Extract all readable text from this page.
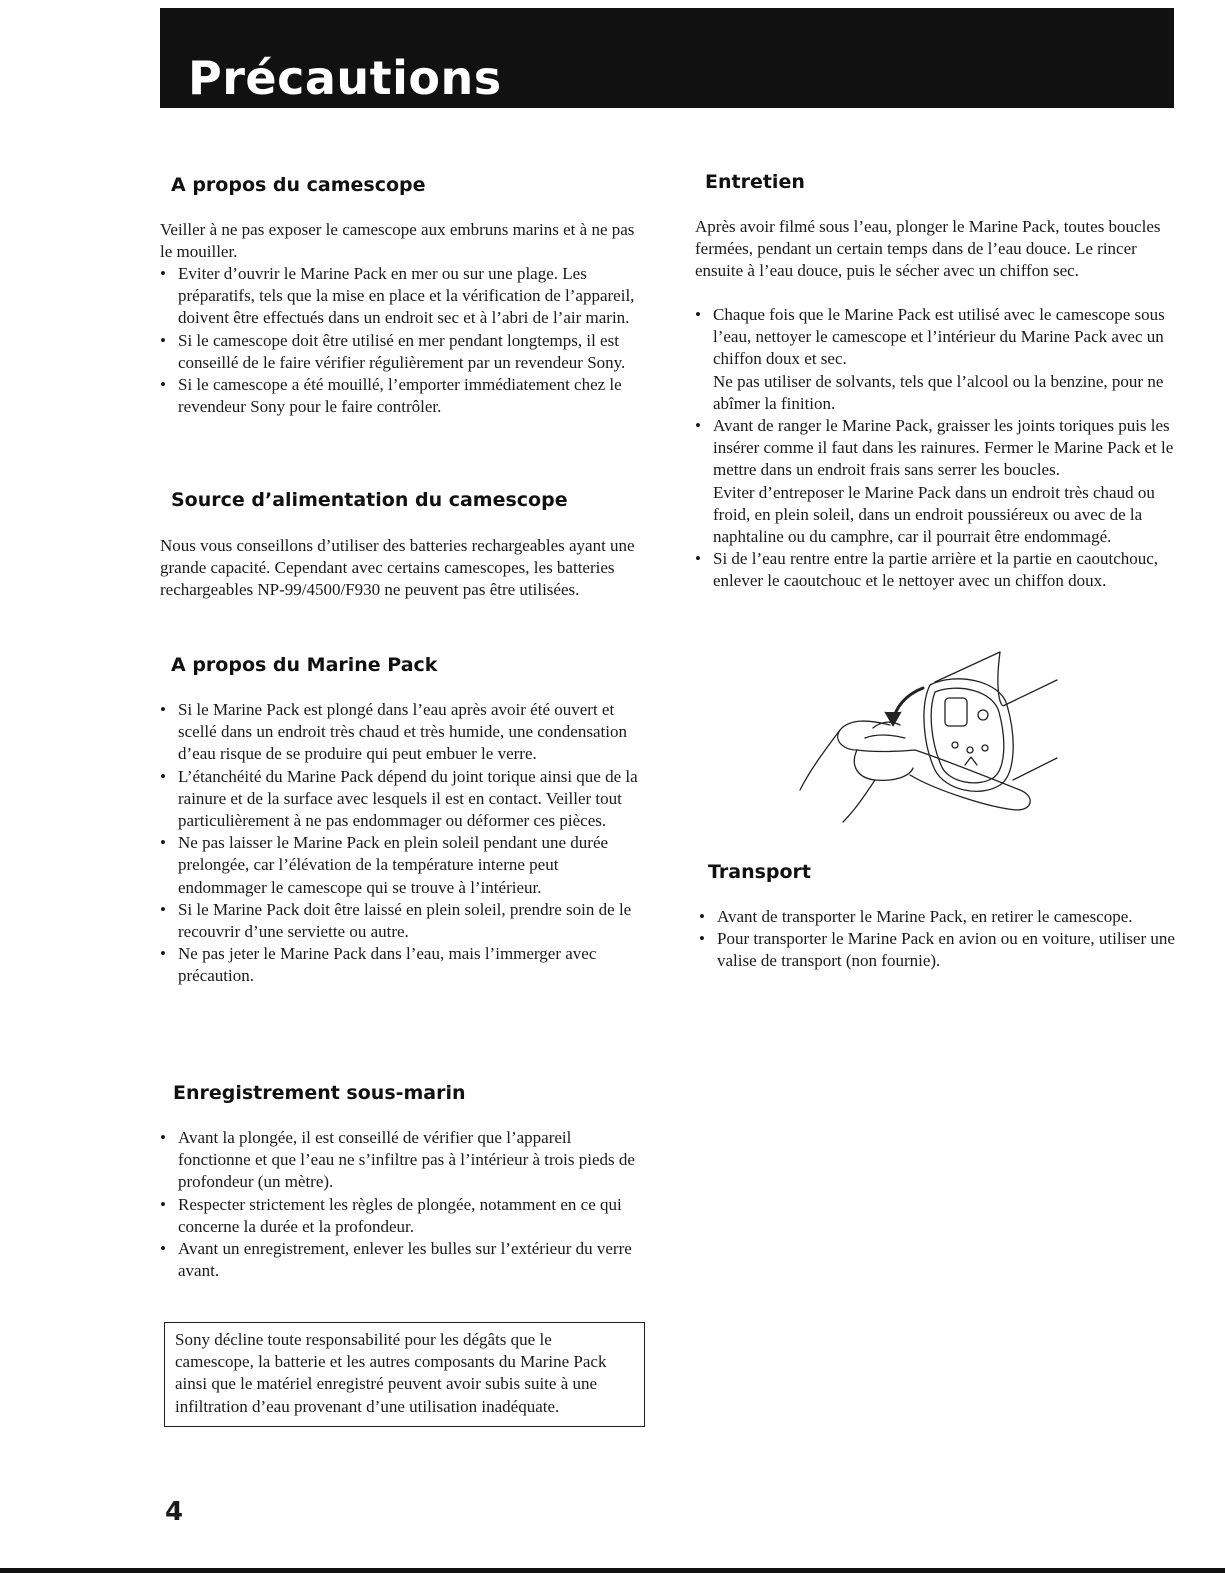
Précautions
A propos du camescope

Veiller à ne pas exposer le camescope aux embruns marins et à ne pas le mouiller.

• Eviter d’ouvrir le Marine Pack en mer ou sur une plage. Les préparatifs, tels que la mise en place et la vérification de l’appareil, doivent être effectués dans un endroit sec et à l’abri de l’air marin.
• Si le camescope doit être utilisé en mer pendant longtemps, il est conseillé de le faire vérifier régulièrement par un revendeur Sony.
• Si le camescope a été mouillé, l’emporter immédiatement chez le revendeur Sony pour le faire contrôler.
Source d’alimentation du camescope

Nous vous conseillons d’utiliser des batteries rechargeables ayant une grande capacité. Cependant avec certains camescopes, les batteries rechargeables NP-99/4500/F930 ne peuvent pas être utilisées.

A propos du Marine Pack
• Si le Marine Pack est plongé dans l’eau après avoir été ouvert et scellé dans un endroit très chaud et très humide, une condensation d’eau risque de se produire qui peut embuer le verre.
• L’étanchéité du Marine Pack dépend du joint torique ainsi que de la rainure et de la surface avec lesquels il est en contact. Veiller tout particulièrement à ne pas endommager ou déformer ces pièces.
• Ne pas laisser le Marine Pack en plein soleil pendant une durée prelongée, car l’élévation de la température interne peut endommager le camescope qui se trouve à l’intérieur.
• Si le Marine Pack doit être laissé en plein soleil, prendre soin de le recouvrir d’une serviette ou autre.
• Ne pas jeter le Marine Pack dans l’eau, mais l’immerger avec précaution.
Enregistrement sous-marin
• Avant la plongée, il est conseillé de vérifier que l’appareil fonctionne et que l’eau ne s’infiltre pas à l’intérieur à trois pieds de profondeur (un mètre).
• Respecter strictement les règles de plongée, notamment en ce qui concerne la durée et la profondeur.
• Avant un enregistrement, enlever les bulles sur l’extérieur du verre avant.
Sony décline toute responsabilité pour les dégâts que le camescope, la batterie et les autres composants du Marine Pack ainsi que le matériel enregistré peuvent avoir subis suite à une infiltration d’eau provenant d’une utilisation inadéquate.
Entretien

Après avoir filmé sous l’eau, plonger le Marine Pack, toutes boucles fermées, pendant un certain temps dans de l’eau douce. Le rincer ensuite à l’eau douce, puis le sécher avec un chiffon sec.

• Chaque fois que le Marine Pack est utilisé avec le camescope sous l’eau, nettoyer le camescope et l’intérieur du Marine Pack avec un chiffon doux et sec.
Ne pas utiliser de solvants, tels que l’alcool ou la benzine, pour ne abîmer la finition.
• Avant de ranger le Marine Pack, graisser les joints toriques puis les insérer comme il faut dans les rainures. Fermer le Marine Pack et le mettre dans un endroit frais sans serrer les boucles.
Eviter d’entreposer le Marine Pack dans un endroit très chaud ou froid, en plein soleil, dans un endroit poussiéreux ou avec de la naphtaline ou du camphre, car il pourrait être endommagé.
• Si de l’eau rentre entre la partie arrière et la partie en caoutchouc, enlever le caoutchouc et le nettoyer avec un chiffon doux.
Transport
• Avant de transporter le Marine Pack, en retirer le camescope.
• Pour transporter le Marine Pack en avion ou en voiture, utiliser une valise de transport (non fournie).
4
